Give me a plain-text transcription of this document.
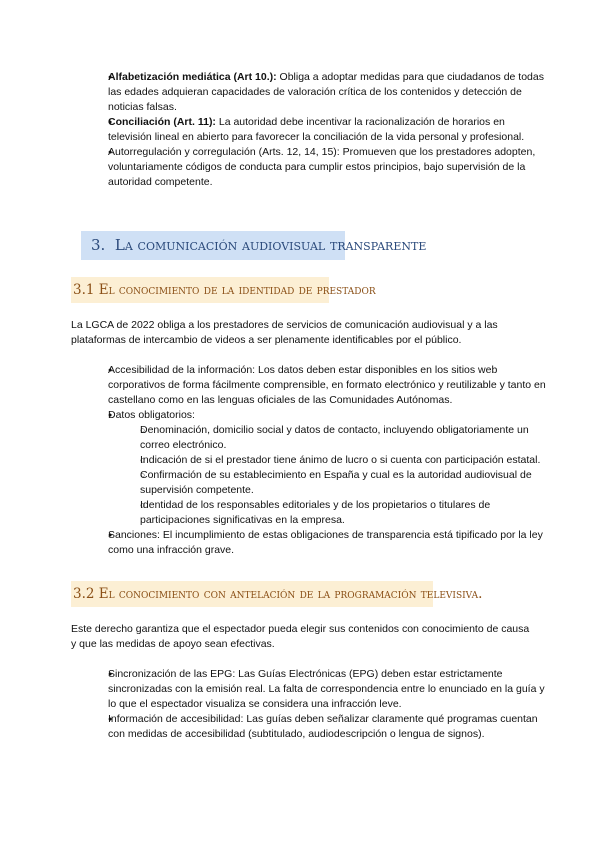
● Alfabetización mediática (Art 10.): Obliga a adoptar medidas para que ciudadanos de todas las edades adquieran capacidades de valoración crítica de los contenidos y detección de noticias falsas.
● Conciliación (Art. 11): La autoridad debe incentivar la racionalización de horarios en televisión lineal en abierto para favorecer la conciliación de la vida personal y profesional.
● Autorregulación y corregulación (Arts. 12, 14, 15): Promueven que los prestadores adopten, voluntariamente códigos de conducta para cumplir estos principios, bajo supervisión de la autoridad competente.
3. La comunicación audiovisual transparente
3.1 El conocimiento de la identidad de prestador
La LGCA de 2022 obliga a los prestadores de servicios de comunicación audiovisual y a las plataformas de intercambio de videos a ser plenamente identificables por el público.
● Accesibilidad de la información: Los datos deben estar disponibles en los sitios web corporativos de forma fácilmente comprensible, en formato electrónico y reutilizable y tanto en castellano como en las lenguas oficiales de las Comunidades Autónomas.
● Datos obligatorios:
○ Denominación, domicilio social y datos de contacto, incluyendo obligatoriamente un correo electrónico.
○ Indicación de si el prestador tiene ánimo de lucro o si cuenta con participación estatal.
○ Confirmación de su establecimiento en España y cual es la autoridad audiovisual de supervisión competente.
○ Identidad de los responsables editoriales y de los propietarios o titulares de participaciones significativas en la empresa.
● Sanciones: El incumplimiento de estas obligaciones de transparencia está tipificado por la ley como una infracción grave.
3.2 El conocimiento con antelación de la programación televisiva.
Este derecho garantiza que el espectador pueda elegir sus contenidos con conocimiento de causa y que las medidas de apoyo sean efectivas.
● Sincronización de las EPG: Las Guías Electrónicas (EPG) deben estar estrictamente sincronizadas con la emisión real. La falta de correspondencia entre lo enunciado en la guía y lo que el espectador visualiza se considera una infracción leve.
● Información de accesibilidad: Las guías deben señalizar claramente qué programas cuentan con medidas de accesibilidad (subtitulado, audiodescripción o lengua de signos).
